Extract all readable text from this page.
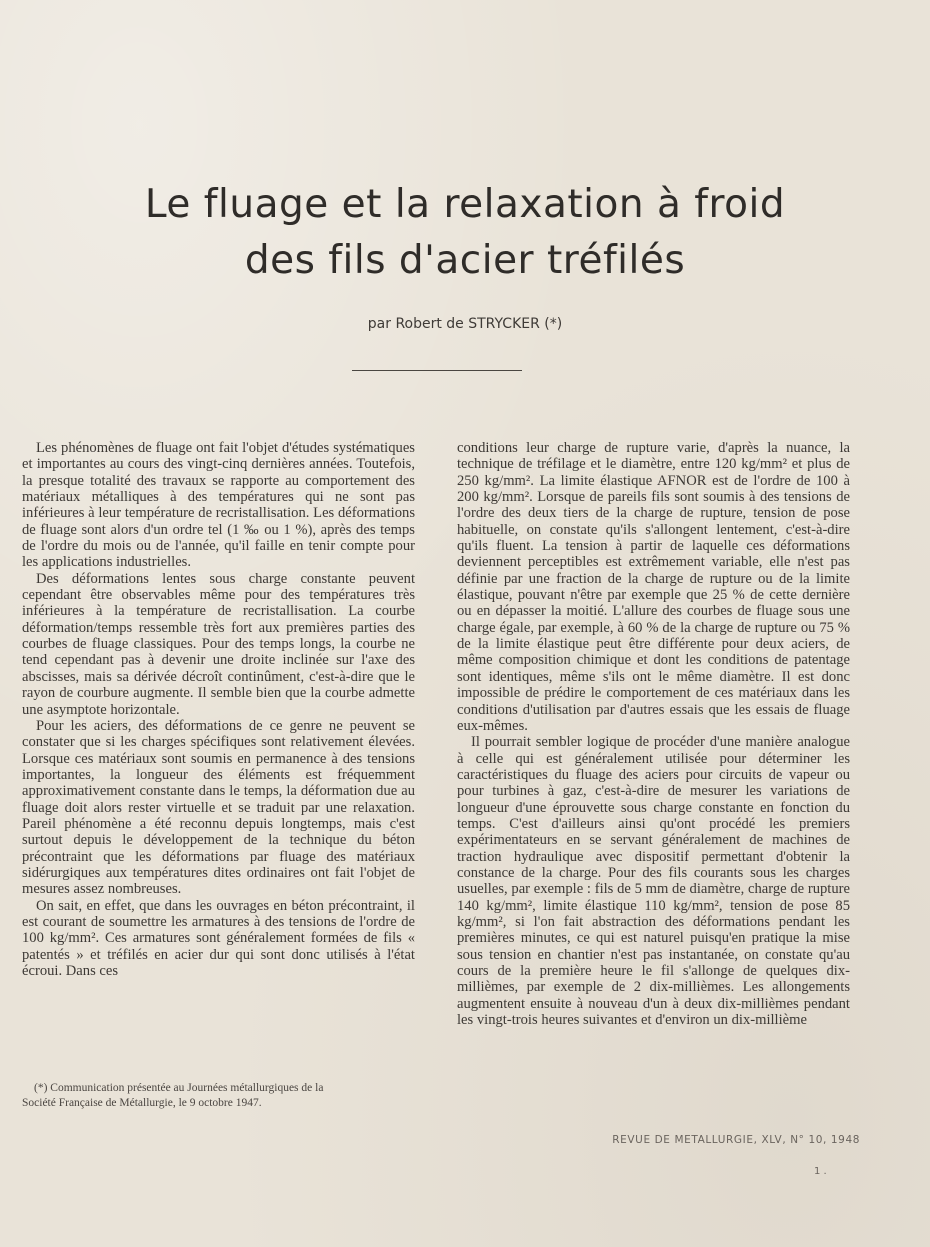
Le fluage et la relaxation à froid
des fils d'acier tréfilés
par Robert de STRYCKER (*)

Les phénomènes de fluage ont fait l'objet d'études systématiques et importantes au cours des vingt-cinq dernières années. Toutefois, la presque totalité des travaux se rapporte au comportement des matériaux métalliques à des températures qui ne sont pas inférieures à leur température de recristallisation. Les déformations de fluage sont alors d'un ordre tel (1 ‰ ou 1 %), après des temps de l'ordre du mois ou de l'année, qu'il faille en tenir compte pour les applications industrielles.

Des déformations lentes sous charge constante peuvent cependant être observables même pour des températures très inférieures à la température de recristallisation. La courbe déformation/temps ressemble très fort aux premières parties des courbes de fluage classiques. Pour des temps longs, la courbe ne tend cependant pas à devenir une droite inclinée sur l'axe des abscisses, mais sa dérivée décroît continûment, c'est-à-dire que le rayon de courbure augmente. Il semble bien que la courbe admette une asymptote horizontale.

Pour les aciers, des déformations de ce genre ne peuvent se constater que si les charges spécifiques sont relativement élevées. Lorsque ces matériaux sont soumis en permanence à des tensions importantes, la longueur des éléments est fréquemment approximativement constante dans le temps, la déformation due au fluage doit alors rester virtuelle et se traduit par une relaxation. Pareil phénomène a été reconnu depuis longtemps, mais c'est surtout depuis le développement de la technique du béton précontraint que les déformations par fluage des matériaux sidérurgiques aux températures dites ordinaires ont fait l'objet de mesures assez nombreuses.

On sait, en effet, que dans les ouvrages en béton précontraint, il est courant de soumettre les armatures à des tensions de l'ordre de 100 kg/mm². Ces armatures sont généralement formées de fils « patentés » et tréfilés en acier dur qui sont donc utilisés à l'état écroui. Dans ces

conditions leur charge de rupture varie, d'après la nuance, la technique de tréfilage et le diamètre, entre 120 kg/mm² et plus de 250 kg/mm². La limite élastique AFNOR est de l'ordre de 100 à 200 kg/mm². Lorsque de pareils fils sont soumis à des tensions de l'ordre des deux tiers de la charge de rupture, tension de pose habituelle, on constate qu'ils s'allongent lentement, c'est-à-dire qu'ils fluent. La tension à partir de laquelle ces déformations deviennent perceptibles est extrêmement variable, elle n'est pas définie par une fraction de la charge de rupture ou de la limite élastique, pouvant n'être par exemple que 25 % de cette dernière ou en dépasser la moitié. L'allure des courbes de fluage sous une charge égale, par exemple, à 60 % de la charge de rupture ou 75 % de la limite élastique peut être différente pour deux aciers, de même composition chimique et dont les conditions de patentage sont identiques, même s'ils ont le même diamètre. Il est donc impossible de prédire le comportement de ces matériaux dans les conditions d'utilisation par d'autres essais que les essais de fluage eux-mêmes.

Il pourrait sembler logique de procéder d'une manière analogue à celle qui est généralement utilisée pour déterminer les caractéristiques du fluage des aciers pour circuits de vapeur ou pour turbines à gaz, c'est-à-dire de mesurer les variations de longueur d'une éprouvette sous charge constante en fonction du temps. C'est d'ailleurs ainsi qu'ont procédé les premiers expérimentateurs en se servant généralement de machines de traction hydraulique avec dispositif permettant d'obtenir la constance de la charge. Pour des fils courants sous les charges usuelles, par exemple : fils de 5 mm de diamètre, charge de rupture 140 kg/mm², limite élastique 110 kg/mm², tension de pose 85 kg/mm², si l'on fait abstraction des déformations pendant les premières minutes, ce qui est naturel puisqu'en pratique la mise sous tension en chantier n'est pas instantanée, on constate qu'au cours de la première heure le fil s'allonge de quelques dix-millièmes, par exemple de 2 dix-millièmes. Les allongements augmentent ensuite à nouveau d'un à deux dix-millièmes pendant les vingt-trois heures suivantes et d'environ un dix-millième

(*) Communication présentée au Journées métallurgiques de la
Société Française de Métallurgie, le 9 octobre 1947.
REVUE DE METALLURGIE, XLV, N° 10, 1948
1 .
